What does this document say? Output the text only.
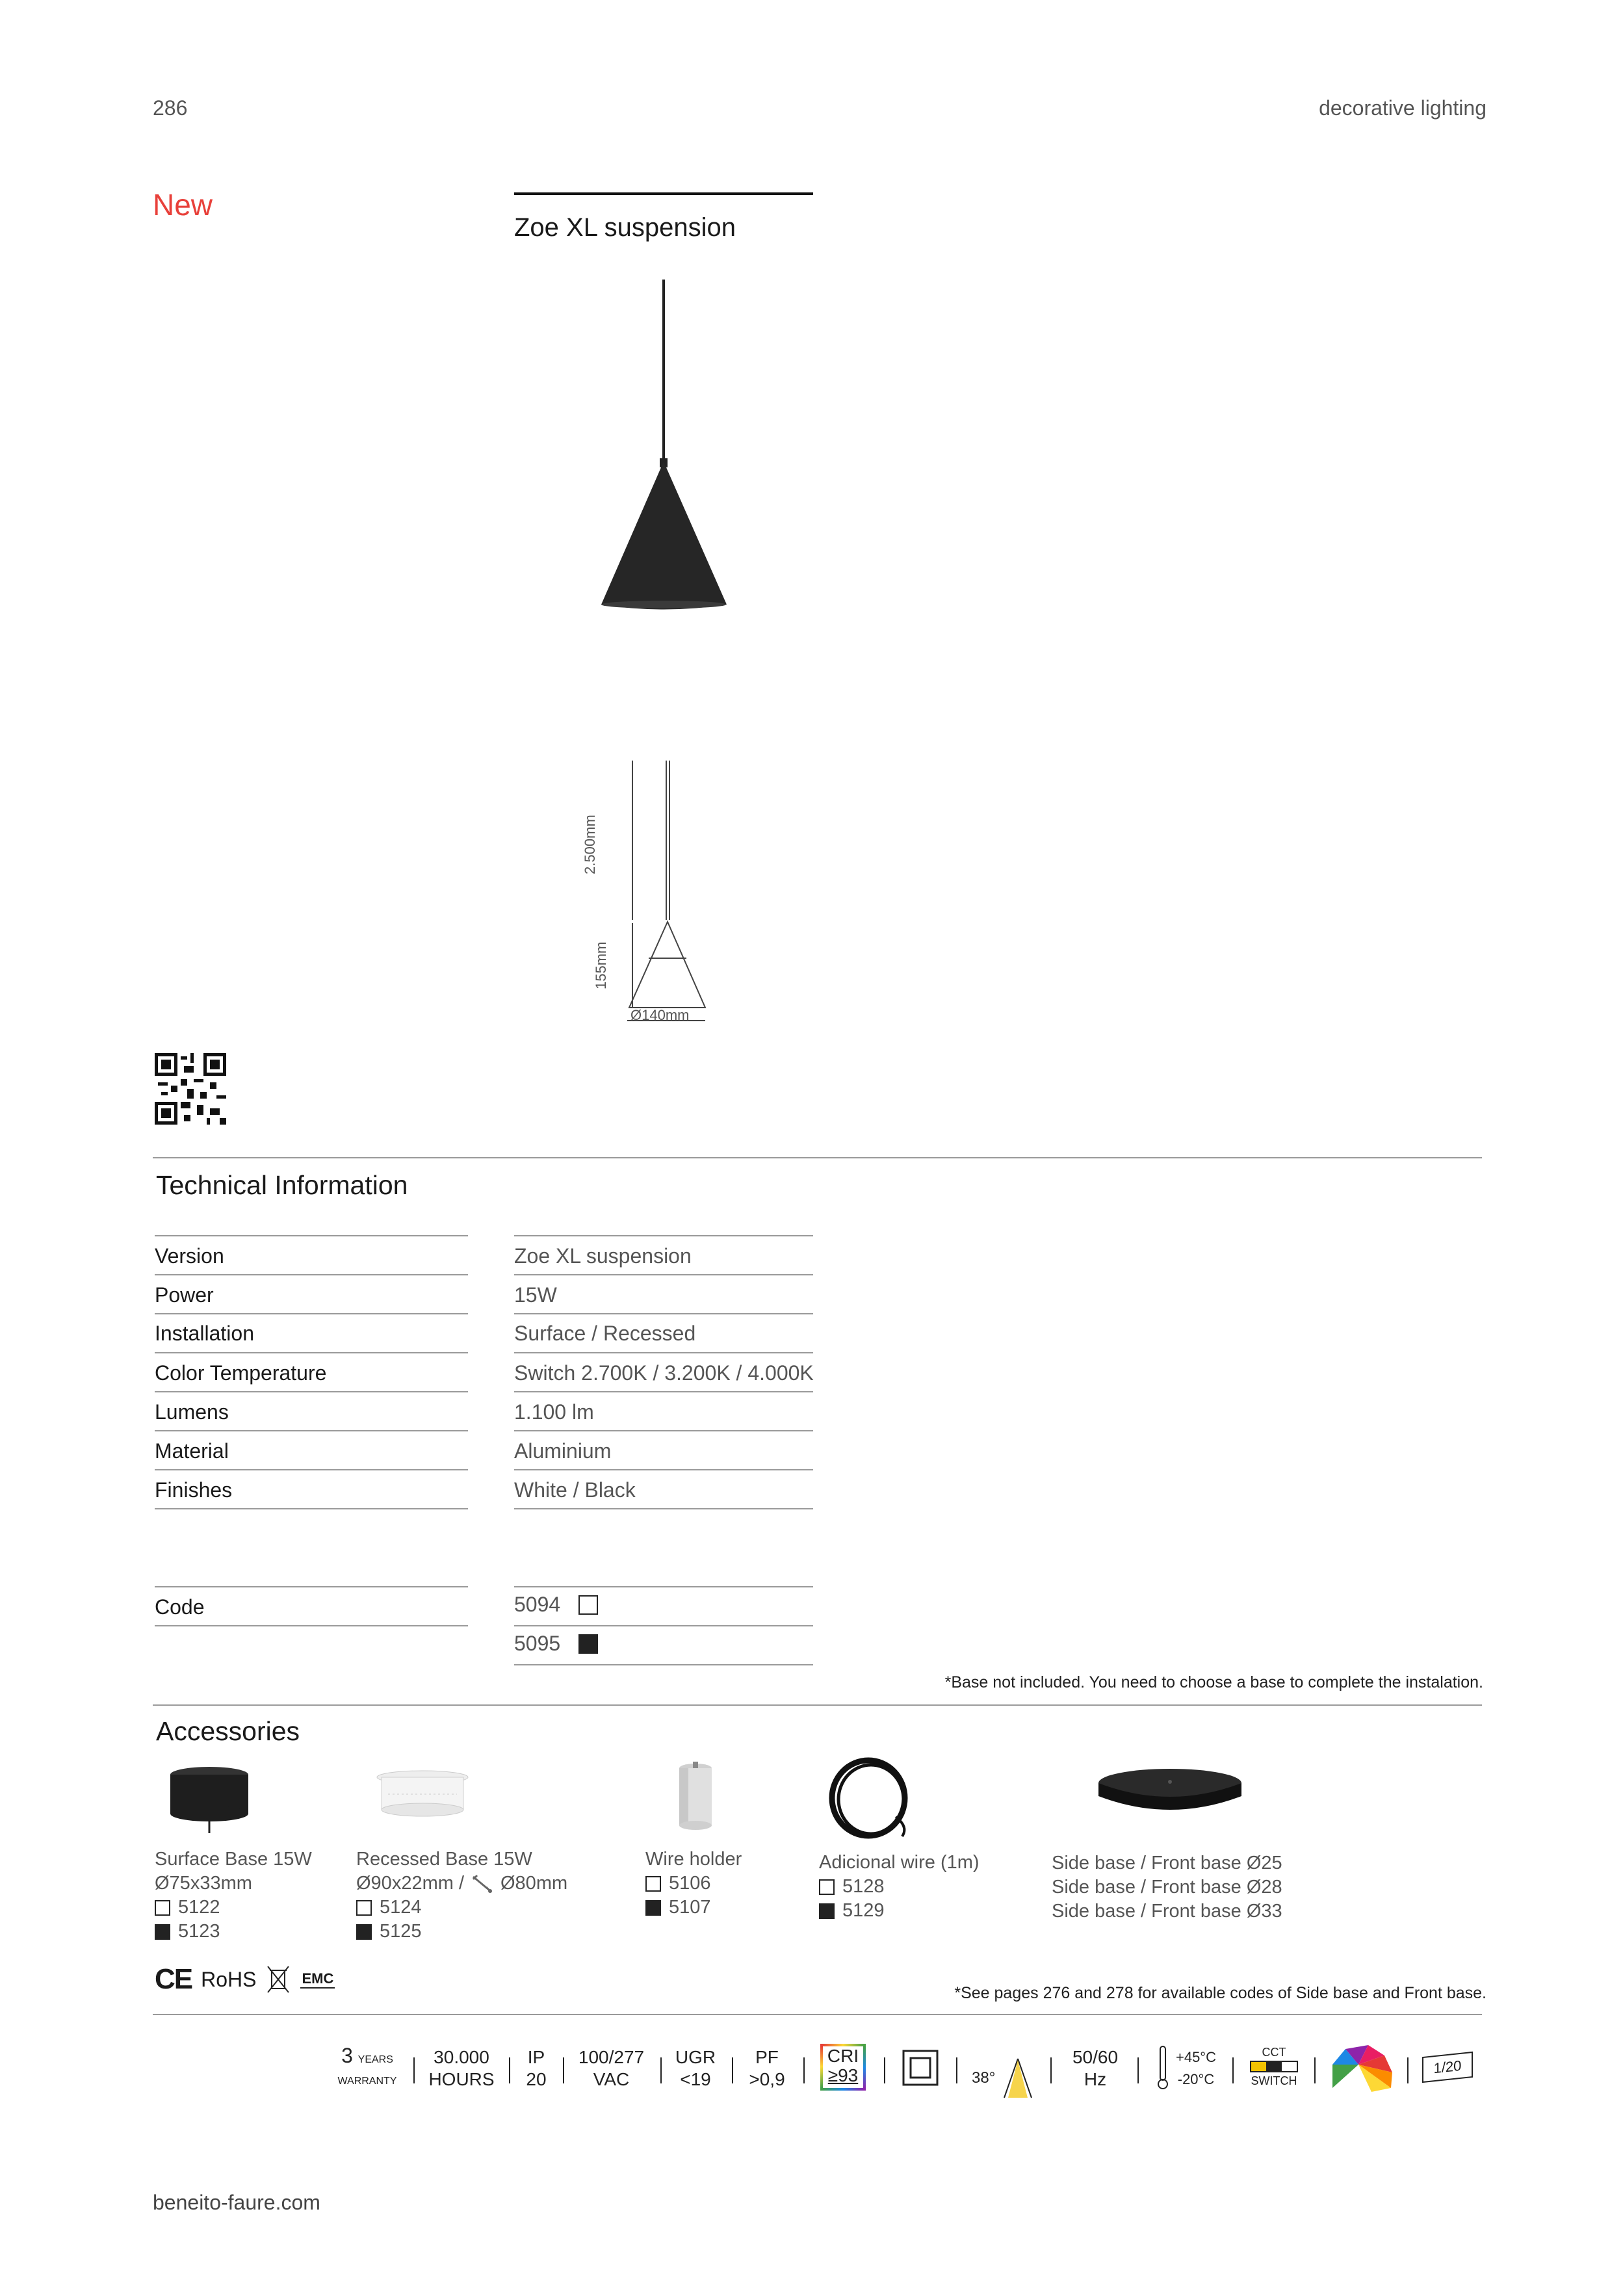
286	decorative lighting
New
Zoe XL suspension
2.500mm
155mm
Ø140mm
Technical Information
Version	Zoe XL suspension
Power	15W
Installation	Surface / Recessed
Color Temperature	Switch 2.700K / 3.200K / 4.000K
Lumens	1.100 lm
Material	Aluminium
Finishes	White / Black
Code	5094
5095
*Base not included. You need to choose a base to complete the instalation.
Accessories
Surface Base 15W
Ø75x33mm
5122
5123
Recessed Base 15W
Ø90x22mm / Ø80mm
5124
5125
Wire holder
5106
5107
Adicional wire (1m)
5128
5129
Side base / Front base Ø25
Side base / Front base Ø28
Side base / Front base Ø33
CE RoHS	EMC
*See pages 276 and 278 for available codes of Side base and Front base.
3 YEARS
WARRANTY
30.000
HOURS
IP
20
100/277
VAC
UGR
<19
PF
>0,9
CRI
≥93	38°
50/60
Hz
+45°C
-20°C
CCT
SWITCH
1/20
beneito-faure.com
